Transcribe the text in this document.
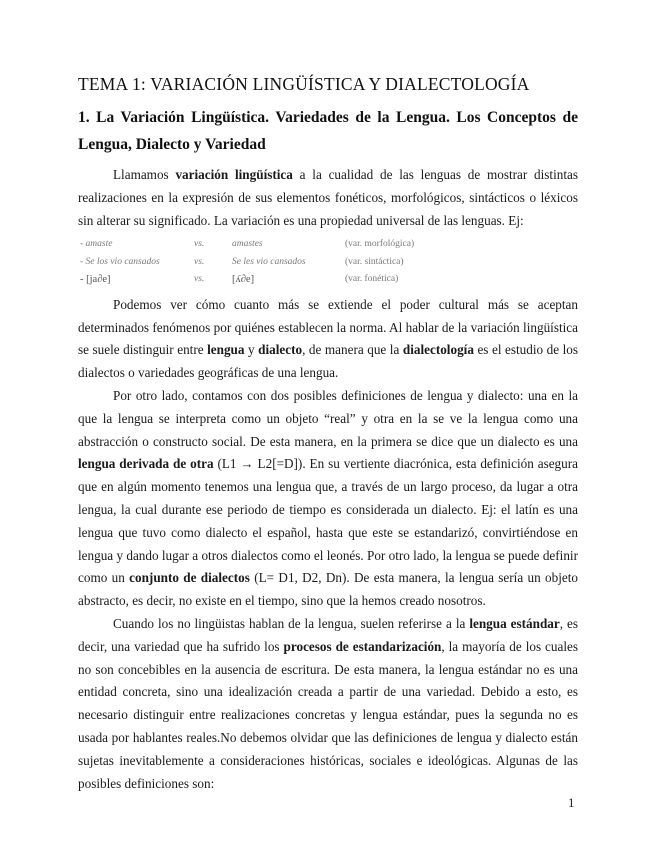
TEMA 1: VARIACIÓN LINGÜÍSTICA Y DIALECTOLOGÍA
1. La Variación Lingüística. Variedades de la Lengua. Los Conceptos de Lengua, Dialecto y Variedad

Llamamos variación lingüística a la cualidad de las lenguas de mostrar distintas realizaciones en la expresión de sus elementos fonéticos, morfológicos, sintácticos o léxicos sin alterar su significado. La variación es una propiedad universal de las lenguas. Ej:

- amaste	vs.	amastes	(var. morfológica)
- Se los vio cansados	vs.	Se les vio cansados	(var. sintáctica)
- [ja∂e]	vs.	[ʎ∂e]	(var. fonética)

Podemos ver cómo cuanto más se extiende el poder cultural más se aceptan determinados fenómenos por quiénes establecen la norma. Al hablar de la variación lingüística se suele distinguir entre lengua y dialecto, de manera que la dialectología es el estudio de los dialectos o variedades geográficas de una lengua.

Por otro lado, contamos con dos posibles definiciones de lengua y dialecto: una en la que la lengua se interpreta como un objeto “real” y otra en la se ve la lengua como una abstracción o constructo social. De esta manera, en la primera se dice que un dialecto es una lengua derivada de otra (L1 → L2[=D]). En su vertiente diacrónica, esta definición asegura que en algún momento tenemos una lengua que, a través de un largo proceso, da lugar a otra lengua, la cual durante ese periodo de tiempo es considerada un dialecto. Ej: el latín es una lengua que tuvo como dialecto el español, hasta que este se estandarizó, convirtiéndose en lengua y dando lugar a otros dialectos como el leonés. Por otro lado, la lengua se puede definir como un conjunto de dialectos (L= D1, D2, Dn). De esta manera, la lengua sería un objeto abstracto, es decir, no existe en el tiempo, sino que la hemos creado nosotros.

Cuando los no lingüistas hablan de la lengua, suelen referirse a la lengua estándar, es decir, una variedad que ha sufrido los procesos de estandarización, la mayoría de los cuales no son concebibles en la ausencia de escritura. De esta manera, la lengua estándar no es una entidad concreta, sino una idealización creada a partir de una variedad. Debido a esto, es necesario distinguir entre realizaciones concretas y lengua estándar, pues la segunda no es usada por hablantes reales.No debemos olvidar que las definiciones de lengua y dialecto están sujetas inevitablemente a consideraciones históricas, sociales e ideológicas. Algunas de las posibles definiciones son:

1
